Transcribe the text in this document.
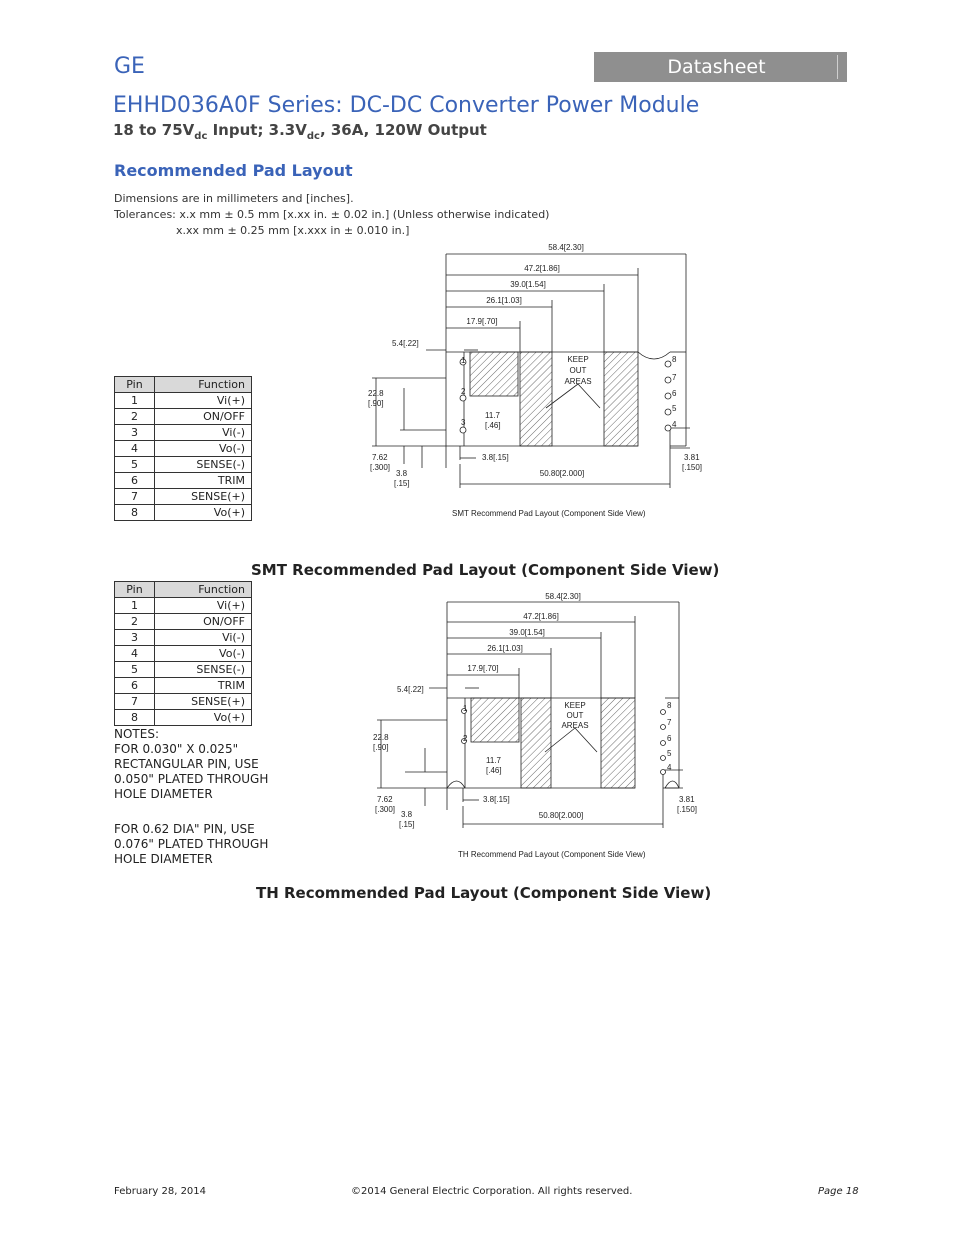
GE	Datasheet
EHHD036A0F Series: DC-DC Converter Power Module
18 to $75V_{dc}$ Input; $3.3V_{dc}$, 36A, 120W Output
Recommended Pad Layout
Dimensions are in millimeters and [inches].
Tolerances: x.x mm ± 0.5 mm [x.xx in. ± 0.02 in.] (Unless otherwise indicated)
x.xx mm ± 0.25 mm [x.xxx in ± 0.010 in.]
Pin	Function
1	Vi(+)
2	ON/OFF
3	Vi(-)
4	Vo(-)
5	SENSE(-)
6	TRIM
7	SENSE(+)
8	Vo(+)
58.4[2.30]
47.2[1.86]
39.0[1.54]
26.1[1.03]
17.9[.70]
5.4[.22]
22.8
[.90]
7.62
[.300]
3.8
[.15]
3.8[.15]
50.80[2.000]
3.81
[.150]
11.7
[.46]
KEEP
OUT
AREAS
1
2
3
8
7
6
5
4
SMT Recommend Pad Layout (Component Side View)
SMT Recommended Pad Layout (Component Side View)
Pin	Function
1	Vi(+)
2	ON/OFF
3	Vi(-)
4	Vo(-)
5	SENSE(-)
6	TRIM
7	SENSE(+)
8	Vo(+)
NOTES:
FOR 0.030" X 0.025"
RECTANGULAR PIN, USE
0.050" PLATED THROUGH
HOLE DIAMETER
FOR 0.62 DIA" PIN, USE
0.076" PLATED THROUGH
HOLE DIAMETER
58.4[2.30]
47.2[1.86]
39.0[1.54]
26.1[1.03]
17.9[.70]
5.4[.22]
22.8
[.90]
7.62
[.300]
3.8
[.15]
3.8[.15]
50.80[2.000]
3.81
[.150]
11.7
[.46]
KEEP
OUT
AREAS
1
2
8
7
6
5
4
TH Recommend Pad Layout (Component Side View)
TH Recommended Pad Layout (Component Side View)
February 28, 2014	©2014 General Electric Corporation. All rights reserved.	Page 18
